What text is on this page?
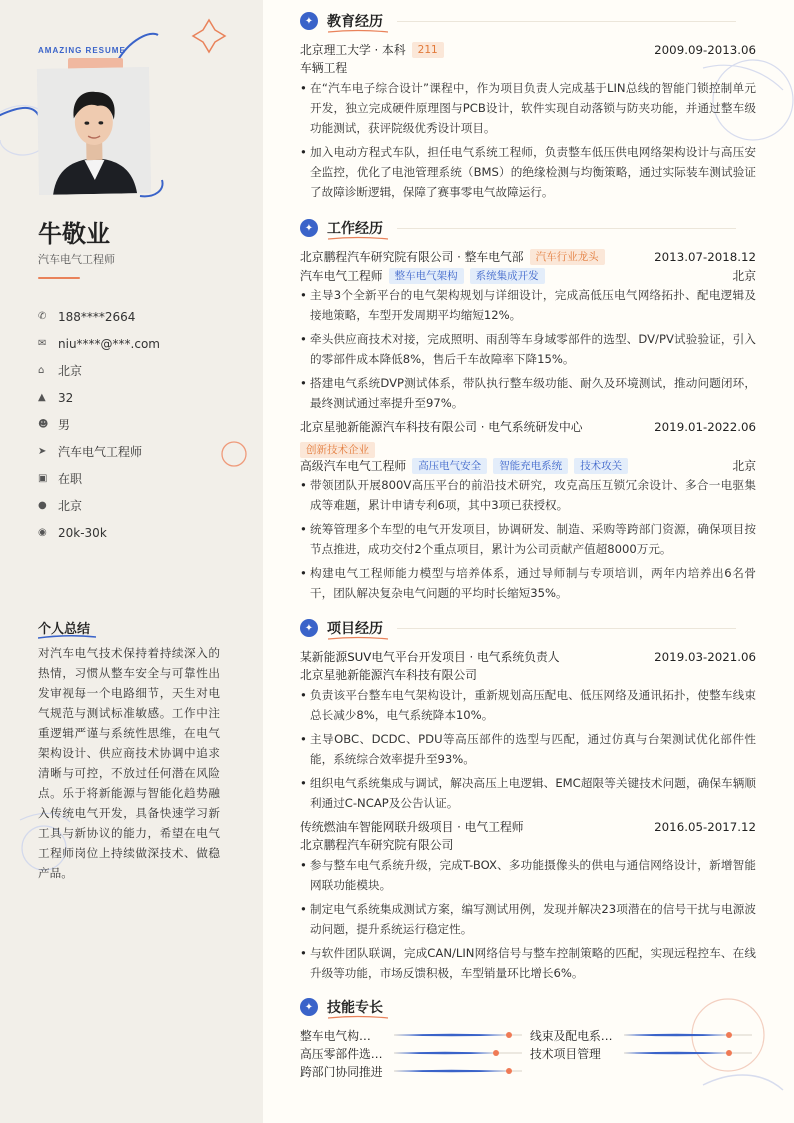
AMAZING RESUME
牛敬业
汽车电气工程师
✆ 188****2664
✉ niu****@***.com
⌂	北京
▲	32
☻ 男
➤ 汽车电气工程师
▣ 在职
● 北京
◉ 20k-30k
个人总结
对汽车电气技术保持着持续深入的热情，习惯从整车安全与可靠性出发审视每一个电路细节，天生对电气规范与测试标准敏感。工作中注重逻辑严谨与系统性思维，在电气架构设计、供应商技术协调中追求清晰与可控，不放过任何潜在风险点。乐于将新能源与智能化趋势融入传统电气开发，具备快速学习新工具与新协议的能力，希望在电气工程师岗位上持续做深技术、做稳产品。
✦ 教育经历
北京理工大学 · 本科	211	2009.09-2013.06
车辆工程
• 在“汽车电子综合设计”课程中，作为项目负责人完成基于LIN总线的智能门锁控制单元开发，独立完成硬件原理图与PCB设计，软件实现自动落锁与防夹功能，并通过整车级功能测试，获评院级优秀设计项目。
• 加入电动方程式车队，担任电气系统工程师，负责整车低压供电网络架构设计与高压安全监控，优化了电池管理系统（BMS）的绝缘检测与均衡策略，通过实际装车测试验证了故障诊断逻辑，保障了赛事零电气故障运行。
✦ 工作经历
北京鹏程汽车研究院有限公司 · 整车电气部	汽车行业龙头	2013.07-2018.12
汽车电气工程师	整车电气架构	系统集成开发	北京
• 主导3个全新平台的电气架构规划与详细设计，完成高低压电气网络拓扑、配电逻辑及接地策略，车型开发周期平均缩短12%。
• 牵头供应商技术对接，完成照明、雨刮等车身域零部件的选型、DV/PV试验验证，引入的零部件成本降低8%，售后千车故障率下降15%。
• 搭建电气系统DVP测试体系，带队执行整车级功能、耐久及环境测试，推动问题闭环，最终测试通过率提升至97%。
北京星驰新能源汽车科技有限公司 · 电气系统研发中心	2019.01-2022.06
创新技术企业
高级汽车电气工程师	高压电气安全	智能充电系统	技术攻关	北京
• 带领团队开展800V高压平台的前沿技术研究，攻克高压互锁冗余设计、多合一电驱集成等难题，累计申请专利6项，其中3项已获授权。
• 统筹管理多个车型的电气开发项目，协调研发、制造、采购等跨部门资源，确保项目按节点推进，成功交付2个重点项目，累计为公司贡献产值超8000万元。
• 构建电气工程师能力模型与培养体系，通过导师制与专项培训，两年内培养出6名骨干，团队解决复杂电气问题的平均时长缩短35%。
✦ 项目经历
某新能源SUV电气平台开发项目 · 电气系统负责人	2019.03-2021.06
北京星驰新能源汽车科技有限公司
• 负责该平台整车电气架构设计，重新规划高压配电、低压网络及通讯拓扑，使整车线束总长减少8%，电气系统降本10%。
• 主导OBC、DCDC、PDU等高压部件的选型与匹配，通过仿真与台架测试优化部件性能，系统综合效率提升至93%。
• 组织电气系统集成与调试，解决高压上电逻辑、EMC超限等关键技术问题，确保车辆顺利通过C-NCAP及公告认证。
传统燃油车智能网联升级项目 · 电气工程师	2016.05-2017.12
北京鹏程汽车研究院有限公司
• 参与整车电气系统升级，完成T-BOX、多功能摄像头的供电与通信网络设计，新增智能网联功能模块。
• 制定电气系统集成测试方案，编写测试用例，发现并解决23项潜在的信号干扰与电源波动问题，提升系统运行稳定性。
• 与软件团队联调，完成CAN/LIN网络信号与整车控制策略的匹配，实现远程控车、在线升级等功能，市场反馈积极，车型销量环比增长6%。
✦ 技能专长
整车电气构…	线束及配电系…
高压零部件选…	技术项目管理
跨部门协同推进
